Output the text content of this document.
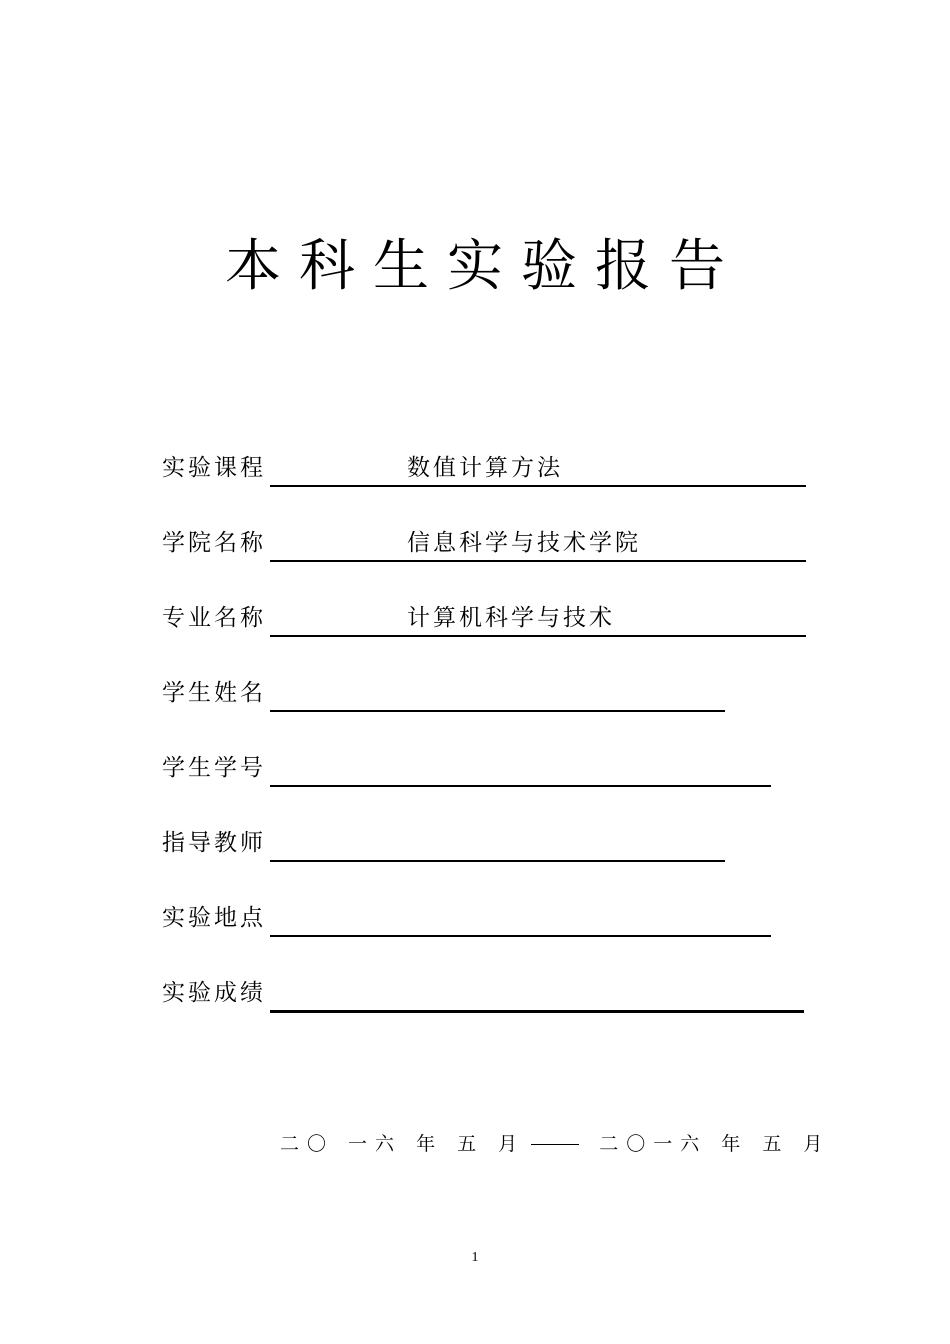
本科生实验报告
实验课程	数值计算方法
学院名称	信息科学与技术学院
专业名称	计算机科学与技术
学生姓名
学生学号
指导教师
实验地点
实验成绩
二〇 一六 年 五 月	二〇一六 年 五 月
1
